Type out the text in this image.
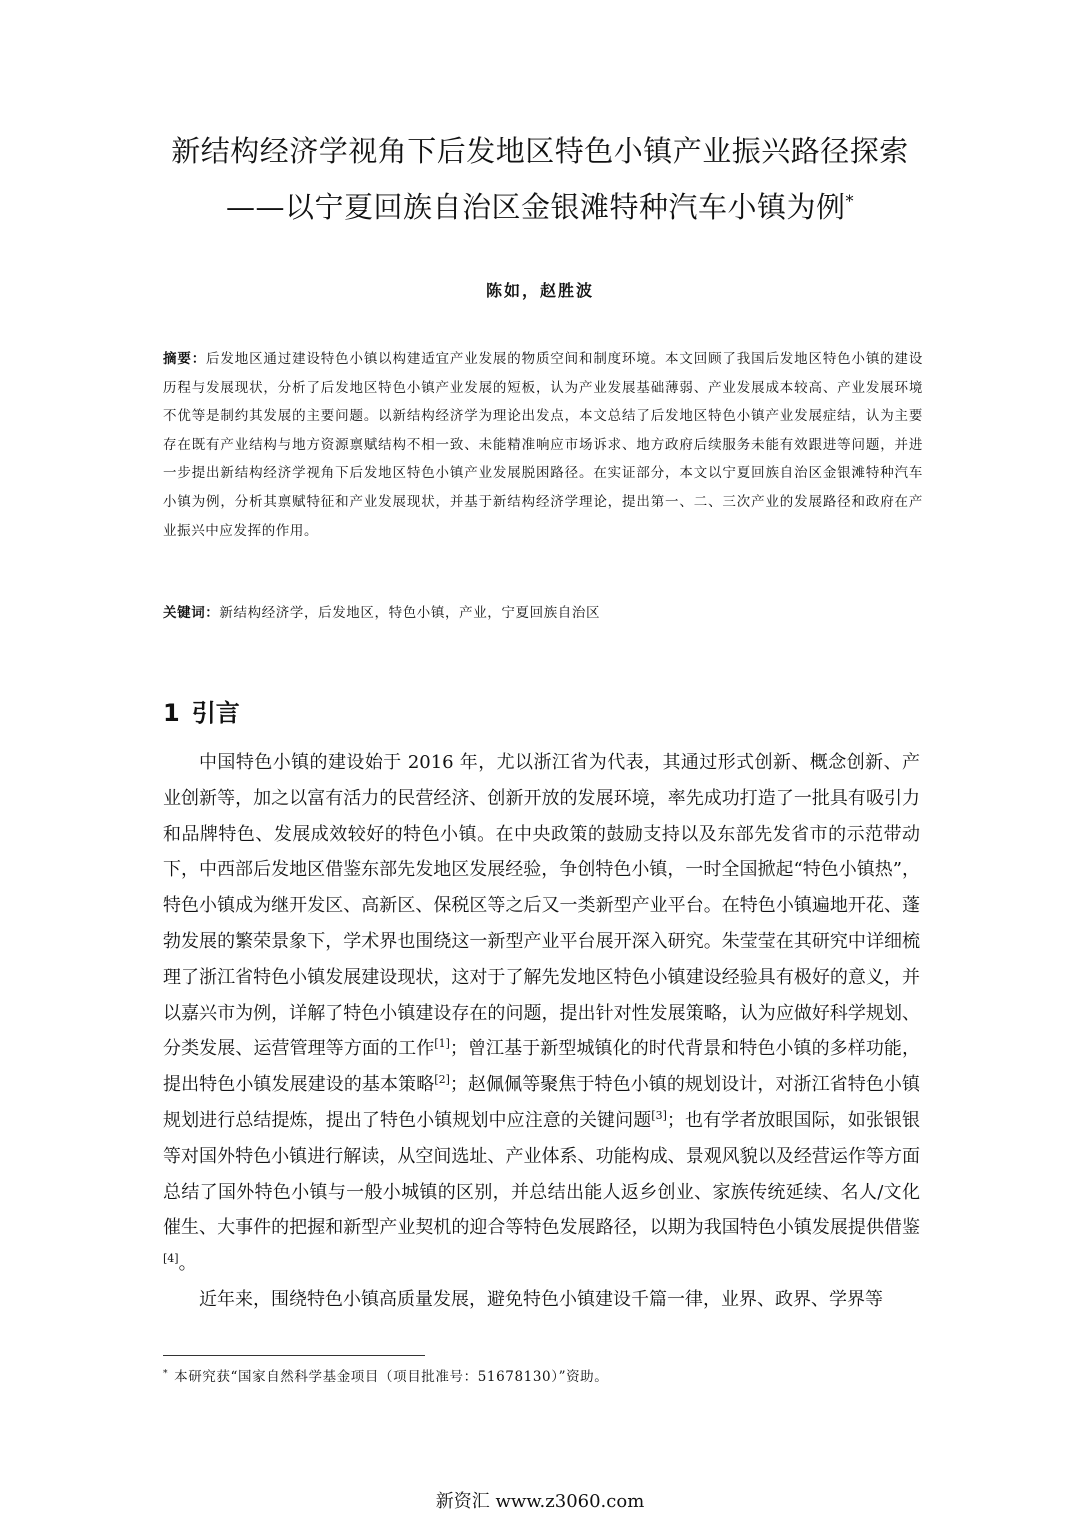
新结构经济学视角下后发地区特色小镇产业振兴路径探索
——以宁夏回族自治区金银滩特种汽车小镇为例*
陈如，赵胜波
摘要：后发地区通过建设特色小镇以构建适宜产业发展的物质空间和制度环境。本文回顾了我国后发地区特色小镇的建设历程与发展现状，分析了后发地区特色小镇产业发展的短板，认为产业发展基础薄弱、产业发展成本较高、产业发展环境不优等是制约其发展的主要问题。以新结构经济学为理论出发点，本文总结了后发地区特色小镇产业发展症结，认为主要存在既有产业结构与地方资源禀赋结构不相一致、未能精准响应市场诉求、地方政府后续服务未能有效跟进等问题，并进一步提出新结构经济学视角下后发地区特色小镇产业发展脱困路径。在实证部分，本文以宁夏回族自治区金银滩特种汽车小镇为例，分析其禀赋特征和产业发展现状，并基于新结构经济学理论，提出第一、二、三次产业的发展路径和政府在产业振兴中应发挥的作用。
关键词：新结构经济学，后发地区，特色小镇，产业，宁夏回族自治区
1 引言

中国特色小镇的建设始于 2016 年，尤以浙江省为代表，其通过形式创新、概念创新、产业创新等，加之以富有活力的民营经济、创新开放的发展环境，率先成功打造了一批具有吸引力和品牌特色、发展成效较好的特色小镇。在中央政策的鼓励支持以及东部先发省市的示范带动下，中西部后发地区借鉴东部先发地区发展经验，争创特色小镇，一时全国掀起“特色小镇热”，特色小镇成为继开发区、高新区、保税区等之后又一类新型产业平台。在特色小镇遍地开花、蓬勃发展的繁荣景象下，学术界也围绕这一新型产业平台展开深入研究。朱莹莹在其研究中详细梳理了浙江省特色小镇发展建设现状，这对于了解先发地区特色小镇建设经验具有极好的意义，并以嘉兴市为例，详解了特色小镇建设存在的问题，提出针对性发展策略，认为应做好科学规划、分类发展、运营管理等方面的工作[1]；曾江基于新型城镇化的时代背景和特色小镇的多样功能，提出特色小镇发展建设的基本策略[2]；赵佩佩等聚焦于特色小镇的规划设计，对浙江省特色小镇规划进行总结提炼，提出了特色小镇规划中应注意的关键问题[3]；也有学者放眼国际，如张银银等对国外特色小镇进行解读，从空间选址、产业体系、功能构成、景观风貌以及经营运作等方面总结了国外特色小镇与一般小城镇的区别，并总结出能人返乡创业、家族传统延续、名人/文化催生、大事件的把握和新型产业契机的迎合等特色发展路径，以期为我国特色小镇发展提供借鉴[4]。

近年来，围绕特色小镇高质量发展，避免特色小镇建设千篇一律，业界、政界、学界等

* 本研究获“国家自然科学基金项目（项目批准号：51678130）”资助。
新资汇 www.z3060.com
